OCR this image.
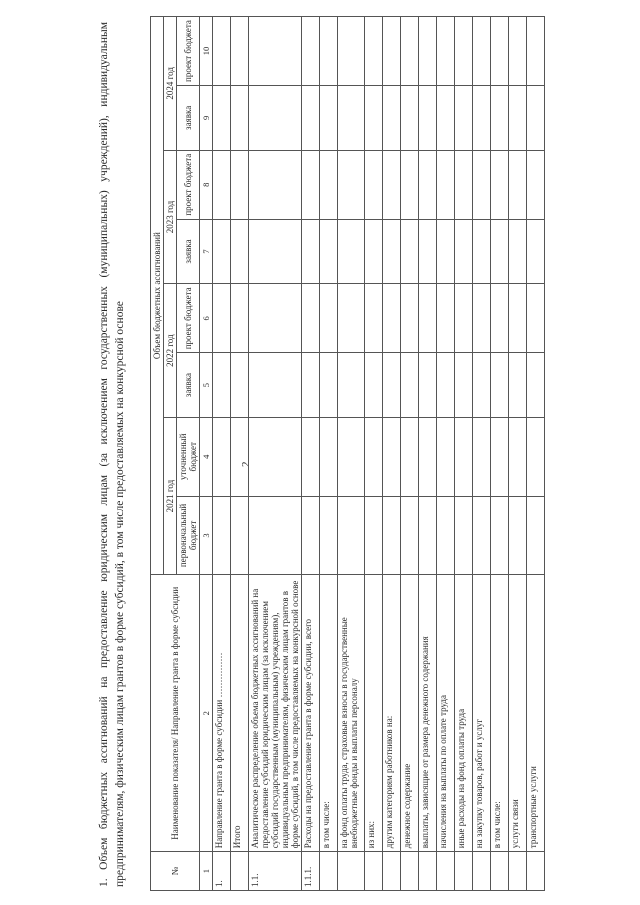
2
1. Объем бюджетных ассигнований на предоставление юридическим лицам (за исключением государственных (муниципальных) учреждений), индивидуальным предпринимателям, физическим лицам грантов в форме субсидий, в том числе предоставляемых на конкурсной основе	№	Наименование показателя/ Направление гранта в форме субсидии	Объем бюджетных ассигнований							
		2021 год		2022 год		2023 год		2024 год	
		первоначальный бюджет	уточненный бюджет	заявка	проект бюджета	заявка	проект бюджета	заявка	проект бюджета
1	2	3	4	5	6	7	8	9	10
1.	Направление гранта в форме субсидии ……………								
	Итого								
1.1.	Аналитическое распределение объема бюджетных ассигнований на предоставление субсидий юридическим лицам (за исключением субсидий государственным (муниципальным) учреждениям), индивидуальным предпринимателям, физическим лицам грантов в форме субсидий, в том числе предоставляемых на конкурсной основе								
1.1.1.	Расходы на предоставление гранта в форме субсидии, всего								
	в том числе:								
	на фонд оплаты труда, страховые взносы в государственные внебюджетные фонды и выплаты персоналу								
	из них:								
	другим категориям работников на:								
	денежное содержание								
	выплаты, зависящие от размера денежного содержания								
	начисления на выплаты по оплате труда								
	иные расходы на фонд оплаты труда								
	на закупку товаров, работ и услуг								
	в том числе:								
	услуги связи								
	транспортные услуги								
